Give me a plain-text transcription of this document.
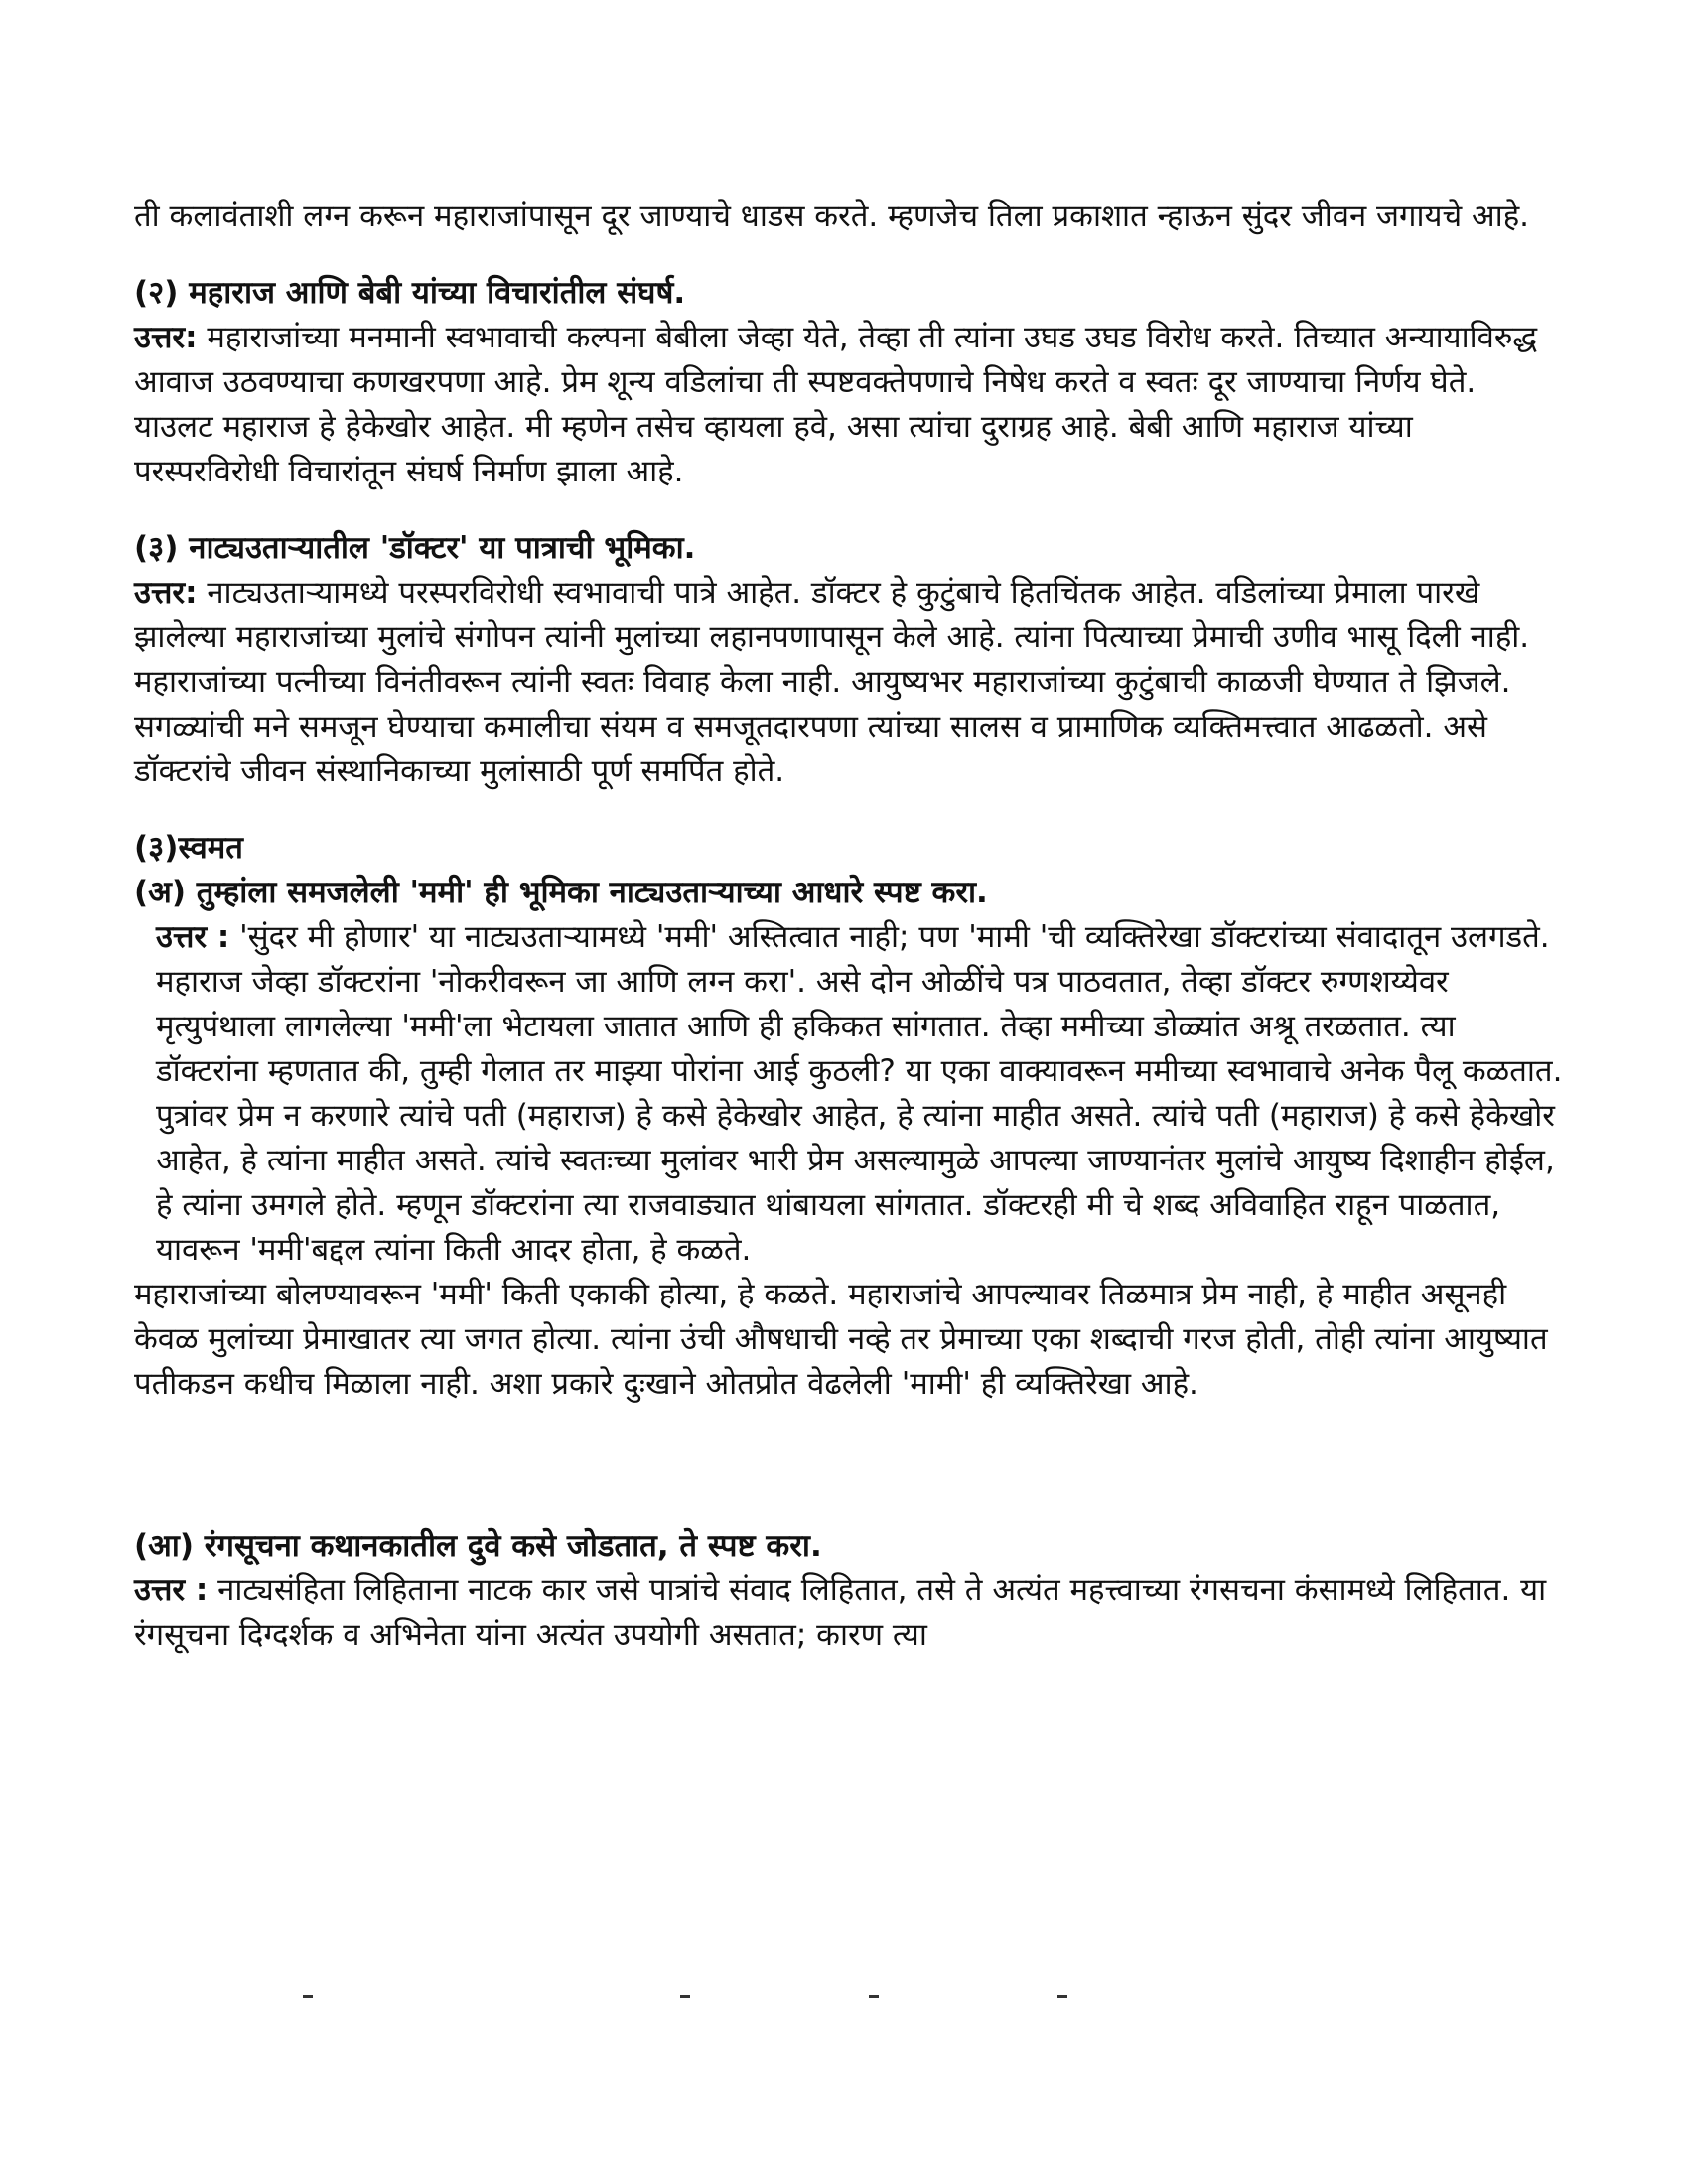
ती कलावंताशी लग्न करून महाराजांपासून दूर जाण्याचे धाडस करते. म्हणजेच तिला प्रकाशात न्हाऊन सुंदर जीवन जगायचे आहे.

(२) महाराज आणि बेबी यांच्या विचारांतील संघर्ष.

उत्तर: महाराजांच्या मनमानी स्वभावाची कल्पना बेबीला जेव्हा येते, तेव्हा ती त्यांना उघड उघड विरोध करते. तिच्यात अन्यायाविरुद्ध आवाज उठवण्याचा कणखरपणा आहे. प्रेम शून्य वडिलांचा ती स्पष्टवक्तेपणाचे निषेध करते व स्वतः दूर जाण्याचा निर्णय घेते. याउलट महाराज हे हेकेखोर आहेत. मी म्हणेन तसेच व्हायला हवे, असा त्यांचा दुराग्रह आहे. बेबी आणि महाराज यांच्या परस्परविरोधी विचारांतून संघर्ष निर्माण झाला आहे.

(३) नाट्यउताऱ्यातील 'डॉक्टर' या पात्राची भूमिका.

उत्तर: नाट्यउताऱ्यामध्ये परस्परविरोधी स्वभावाची पात्रे आहेत. डॉक्टर हे कुटुंबाचे हितचिंतक आहेत. वडिलांच्या प्रेमाला पारखे झालेल्या महाराजांच्या मुलांचे संगोपन त्यांनी मुलांच्या लहानपणापासून केले आहे. त्यांना पित्याच्या प्रेमाची उणीव भासू दिली नाही. महाराजांच्या पत्नीच्या विनंतीवरून त्यांनी स्वतः विवाह केला नाही. आयुष्यभर महाराजांच्या कुटुंबाची काळजी घेण्यात ते झिजले. सगळ्यांची मने समजून घेण्याचा कमालीचा संयम व समजूतदारपणा त्यांच्या सालस व प्रामाणिक व्यक्तिमत्त्वात आढळतो. असे डॉक्टरांचे जीवन संस्थानिकाच्या मुलांसाठी पूर्ण समर्पित होते.

(३)स्वमत

(अ) तुम्हांला समजलेली 'ममी' ही भूमिका नाट्यउताऱ्याच्या आधारे स्पष्ट करा.

उत्तर : 'सुंदर मी होणार' या नाट्यउताऱ्यामध्ये 'ममी' अस्तित्वात नाही; पण 'मामी 'ची व्यक्तिरेखा डॉक्टरांच्या संवादातून उलगडते. महाराज जेव्हा डॉक्टरांना 'नोकरीवरून जा आणि लग्न करा'. असे दोन ओळींचे पत्र पाठवतात, तेव्हा डॉक्टर रुग्णशय्येवर मृत्युपंथाला लागलेल्या 'ममी'ला भेटायला जातात आणि ही हकिकत सांगतात. तेव्हा ममीच्या डोळ्यांत अश्रू तरळतात. त्या डॉक्टरांना म्हणतात की, तुम्ही गेलात तर माझ्या पोरांना आई कुठली? या एका वाक्यावरून ममीच्या स्वभावाचे अनेक पैलू कळतात. पुत्रांवर प्रेम न करणारे त्यांचे पती (महाराज) हे कसे हेकेखोर आहेत, हे त्यांना माहीत असते. त्यांचे पती (महाराज) हे कसे हेकेखोर आहेत, हे त्यांना माहीत असते. त्यांचे स्वतःच्या मुलांवर भारी प्रेम असल्यामुळे आपल्या जाण्यानंतर मुलांचे आयुष्य दिशाहीन होईल, हे त्यांना उमगले होते. म्हणून डॉक्टरांना त्या राजवाड्यात थांबायला सांगतात. डॉक्टरही मी चे शब्द अविवाहित राहून पाळतात, यावरून 'ममी'बद्दल त्यांना किती आदर होता, हे कळते.

महाराजांच्या बोलण्यावरून 'ममी' किती एकाकी होत्या, हे कळते. महाराजांचे आपल्यावर तिळमात्र प्रेम नाही, हे माहीत असूनही केवळ मुलांच्या प्रेमाखातर त्या जगत होत्या. त्यांना उंची औषधाची नव्हे तर प्रेमाच्या एका शब्दाची गरज होती, तोही त्यांना आयुष्यात पतीकडन कधीच मिळाला नाही. अशा प्रकारे दुःखाने ओतप्रोत वेढलेली 'मामी' ही व्यक्तिरेखा आहे.

(आ) रंगसूचना कथानकातील दुवे कसे जोडतात, ते स्पष्ट करा.

उत्तर : नाट्यसंहिता लिहिताना नाटक कार जसे पात्रांचे संवाद लिहितात, तसे ते अत्यंत महत्त्वाच्या रंगसचना कंसामध्ये लिहितात. या रंगसूचना दिग्दर्शक व अभिनेता यांना अत्यंत उपयोगी असतात; कारण त्या
